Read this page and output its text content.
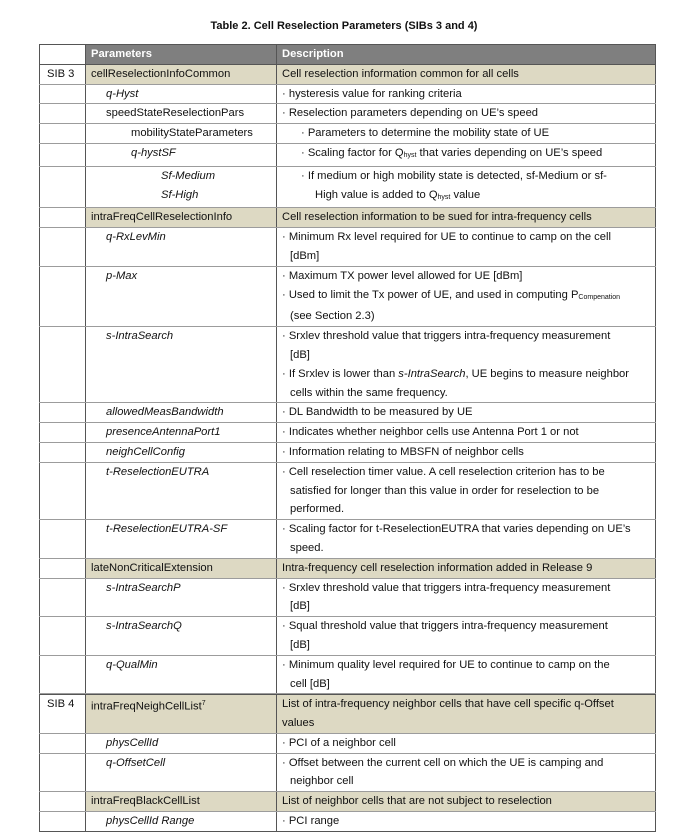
Table 2. Cell Reselection Parameters (SIBs 3 and 4)
Parameters	Description
SIB 3	cellReselectionInfoCommon	Cell reselection information common for all cells
q-Hyst	· hysteresis value for ranking criteria
speedStateReselectionPars	· Reselection parameters depending on UE’s speed
mobilityStateParameters	· Parameters to determine the mobility state of UE
q-hystSF	· Scaling factor for Qhyst that varies depending on UE’s speed
Sf-Medium	· If medium or high mobility state is detected, sf-Medium or sf-
Sf-High	High value is added to Qhyst value
intraFreqCellReselectionInfo	Cell reselection information to be sued for intra-frequency cells
q-RxLevMin	· Minimum Rx level required for UE to continue to camp on the cell
[dBm]
p-Max	· Maximum TX power level allowed for UE [dBm]
· Used to limit the Tx power of UE, and used in computing PCompenation
(see Section 2.3)
s-IntraSearch	· Srxlev threshold value that triggers intra-frequency measurement
[dB]
· If Srxlev is lower than s-IntraSearch, UE begins to measure neighbor
cells within the same frequency.
allowedMeasBandwidth	· DL Bandwidth to be measured by UE
presenceAntennaPort1	· Indicates whether neighbor cells use Antenna Port 1 or not
neighCellConfig	· Information relating to MBSFN of neighbor cells
t-ReselectionEUTRA	· Cell reselection timer value. A cell reselection criterion has to be
satisfied for longer than this value in order for reselection to be
performed.
t-ReselectionEUTRA-SF	· Scaling factor for t-ReselectionEUTRA that varies depending on UE’s
speed.
lateNonCriticalExtension	Intra-frequency cell reselection information added in Release 9
s-IntraSearchP	· Srxlev threshold value that triggers intra-frequency measurement
[dB]
s-IntraSearchQ	· Squal threshold value that triggers intra-frequency measurement
[dB]
q-QualMin	· Minimum quality level required for UE to continue to camp on the
cell [dB]
SIB 4	intraFreqNeighCellList$^7$	List of intra-frequency neighbor cells that have cell specific q-Offset
values
physCellId	· PCI of a neighbor cell
q-OffsetCell	· Offset between the current cell on which the UE is camping and
neighbor cell
intraFreqBlackCellList	List of neighbor cells that are not subject to reselection
physCellId Range	· PCI range
